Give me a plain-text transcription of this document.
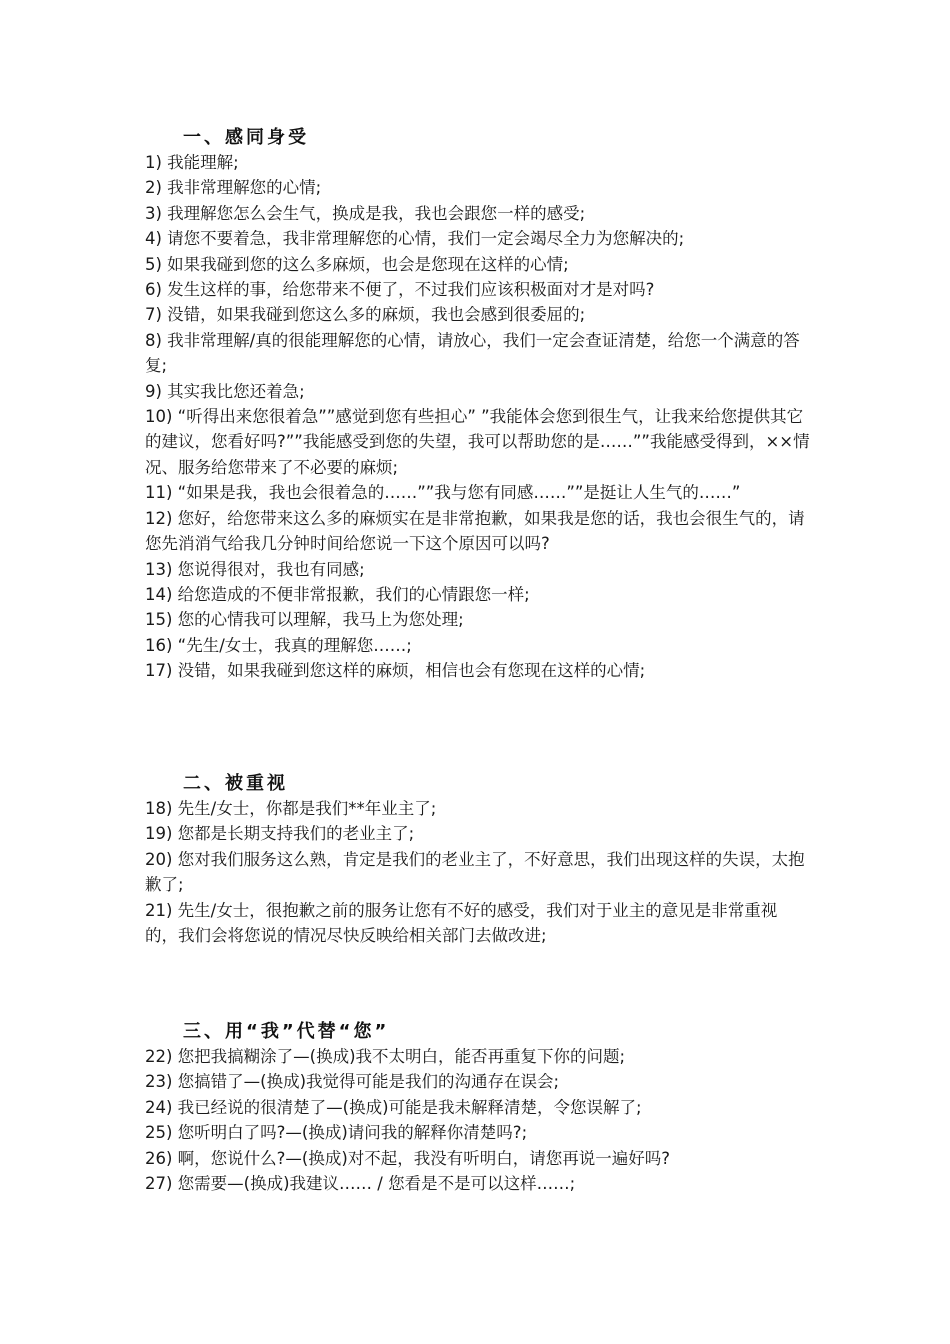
一、感同身受
1) 我能理解;
2) 我非常理解您的心情;
3) 我理解您怎么会生气，换成是我，我也会跟您一样的感受;
4) 请您不要着急，我非常理解您的心情，我们一定会竭尽全力为您解决的;
5) 如果我碰到您的这么多麻烦，也会是您现在这样的心情;
6) 发生这样的事，给您带来不便了，不过我们应该积极面对才是对吗?
7) 没错，如果我碰到您这么多的麻烦，我也会感到很委屈的;
8) 我非常理解/真的很能理解您的心情，请放心，我们一定会查证清楚，给您一个满意的答复;
9) 其实我比您还着急;
10) “听得出来您很着急””感觉到您有些担心” ”我能体会您到很生气，让我来给您提供其它的建议，您看好吗?””我能感受到您的失望，我可以帮助您的是……””我能感受得到，××情况、服务给您带来了不必要的麻烦;
11) “如果是我，我也会很着急的……””我与您有同感……””是挺让人生气的……”
12) 您好，给您带来这么多的麻烦实在是非常抱歉，如果我是您的话，我也会很生气的，请您先消消气给我几分钟时间给您说一下这个原因可以吗?
13) 您说得很对，我也有同感;
14) 给您造成的不便非常报歉，我们的心情跟您一样;
15) 您的心情我可以理解，我马上为您处理;
16) “先生/女士，我真的理解您……;
17) 没错，如果我碰到您这样的麻烦，相信也会有您现在这样的心情;
二、被重视
18) 先生/女士，你都是我们**年业主了;
19) 您都是长期支持我们的老业主了;
20) 您对我们服务这么熟，肯定是我们的老业主了，不好意思，我们出现这样的失误，太抱歉了;
21) 先生/女士，很抱歉之前的服务让您有不好的感受，我们对于业主的意见是非常重视的，我们会将您说的情况尽快反映给相关部门去做改进;
三、用“我”代替“您”
22) 您把我搞糊涂了—(换成)我不太明白，能否再重复下你的问题;
23) 您搞错了—(换成)我觉得可能是我们的沟通存在误会;
24) 我已经说的很清楚了—(换成)可能是我未解释清楚，令您误解了;
25) 您听明白了吗?—(换成)请问我的解释你清楚吗?;
26) 啊，您说什么?—(换成)对不起，我没有听明白，请您再说一遍好吗?
27) 您需要—(换成)我建议…… / 您看是不是可以这样……;
